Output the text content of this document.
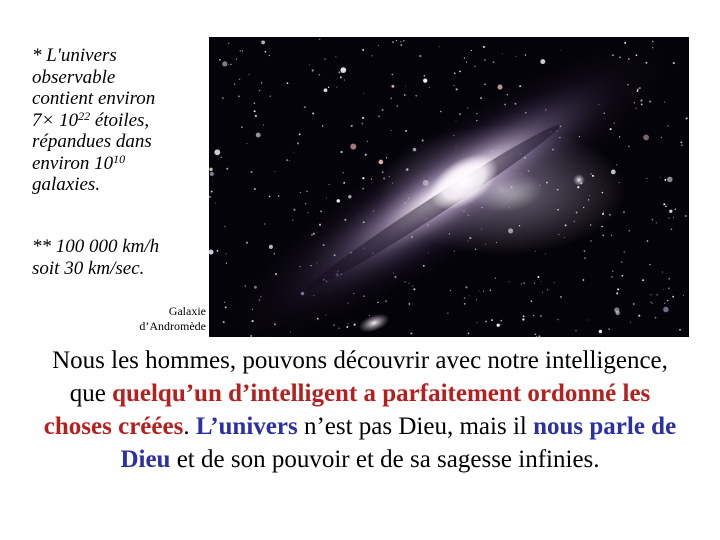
* L'univers
observable
contient environ
$7\times 10^{22}$ étoiles,
répandues dans
environ $10^{10}$
galaxies.
** 100 000 km/h
soit 30 km/sec.
Galaxie
d’Andromède
Nous les hommes, pouvons découvrir avec notre intelligence, que quelqu’un d’intelligent a parfaitement ordonné les choses créées. L’univers n’est pas Dieu, mais il nous parle de Dieu et de son pouvoir et de sa sagesse infinies.
